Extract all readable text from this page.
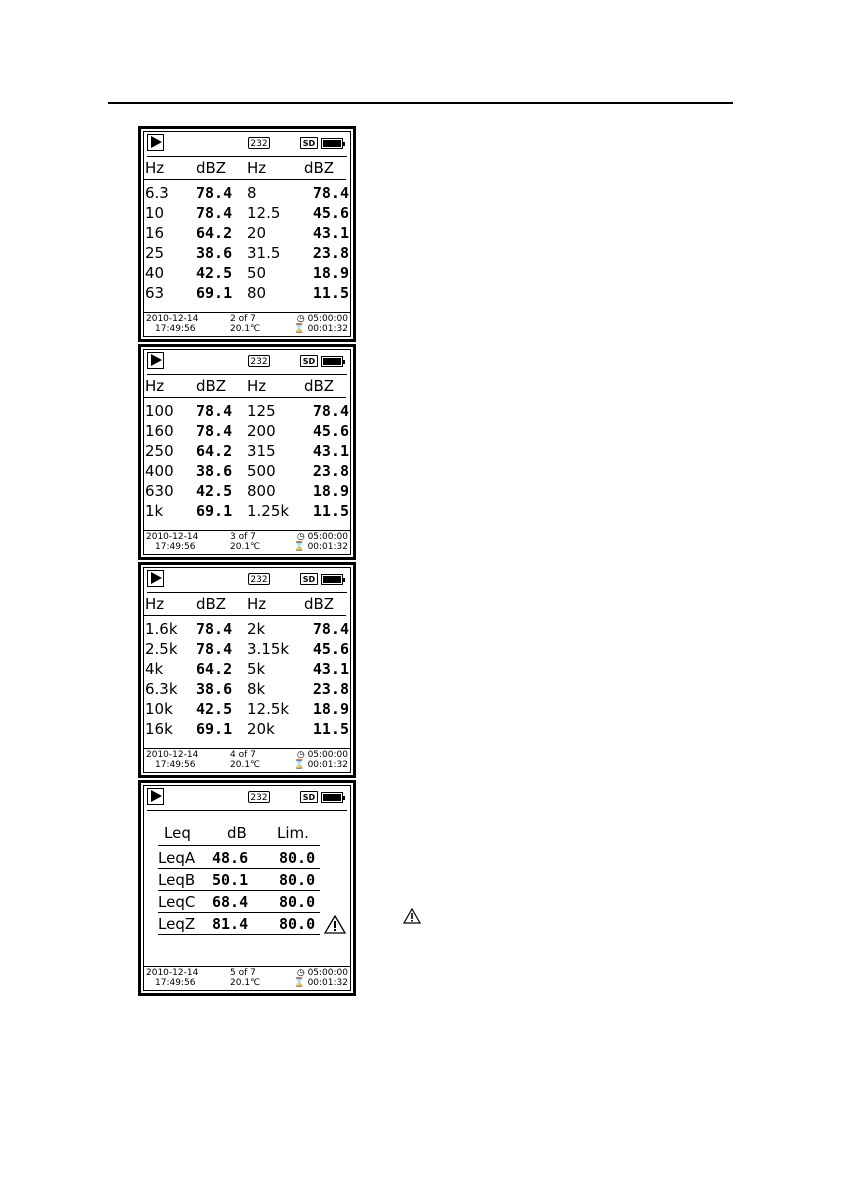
232	SD
Hz dBZ Hz	dBZ
6.3 78.4 8	78.4
10 78.4 12.5 45.6
16 64.2 20	43.1
25 38.6 31.5 23.8
40 42.5 50	18.9
63 69.1 80	11.5
2010-12-14
17:49:56
2 of 7
20.1℃
◷ 05:00:00
⌛ 00:01:32
232	SD
Hz dBZ Hz	dBZ
100 78.4 125 78.4
160 78.4 200 45.6
250 64.2 315 43.1
400 38.6 500 23.8
630 42.5 800 18.9
1k 69.1 1.25k 11.5
2010-12-14
17:49:56
3 of 7
20.1℃
◷ 05:00:00
⌛ 00:01:32
232	SD
Hz dBZ Hz	dBZ
1.6k 78.4 2k	78.4
2.5k 78.4 3.15k 45.6
4k 64.2 5k	43.1
6.3k 38.6 8k	23.8
10k 42.5 12.5k 18.9
16k 69.1 20k	11.5
2010-12-14
17:49:56
4 of 7
20.1℃
◷ 05:00:00
⌛ 00:01:32
232	SD
Leq dB Lim.
LeqA 48.6 80.0
LeqB 50.1 80.0
LeqC 68.4 80.0
LeqZ 81.4 80.0
2010-12-14
17:49:56
5 of 7
20.1℃
◷ 05:00:00
⌛ 00:01:32
